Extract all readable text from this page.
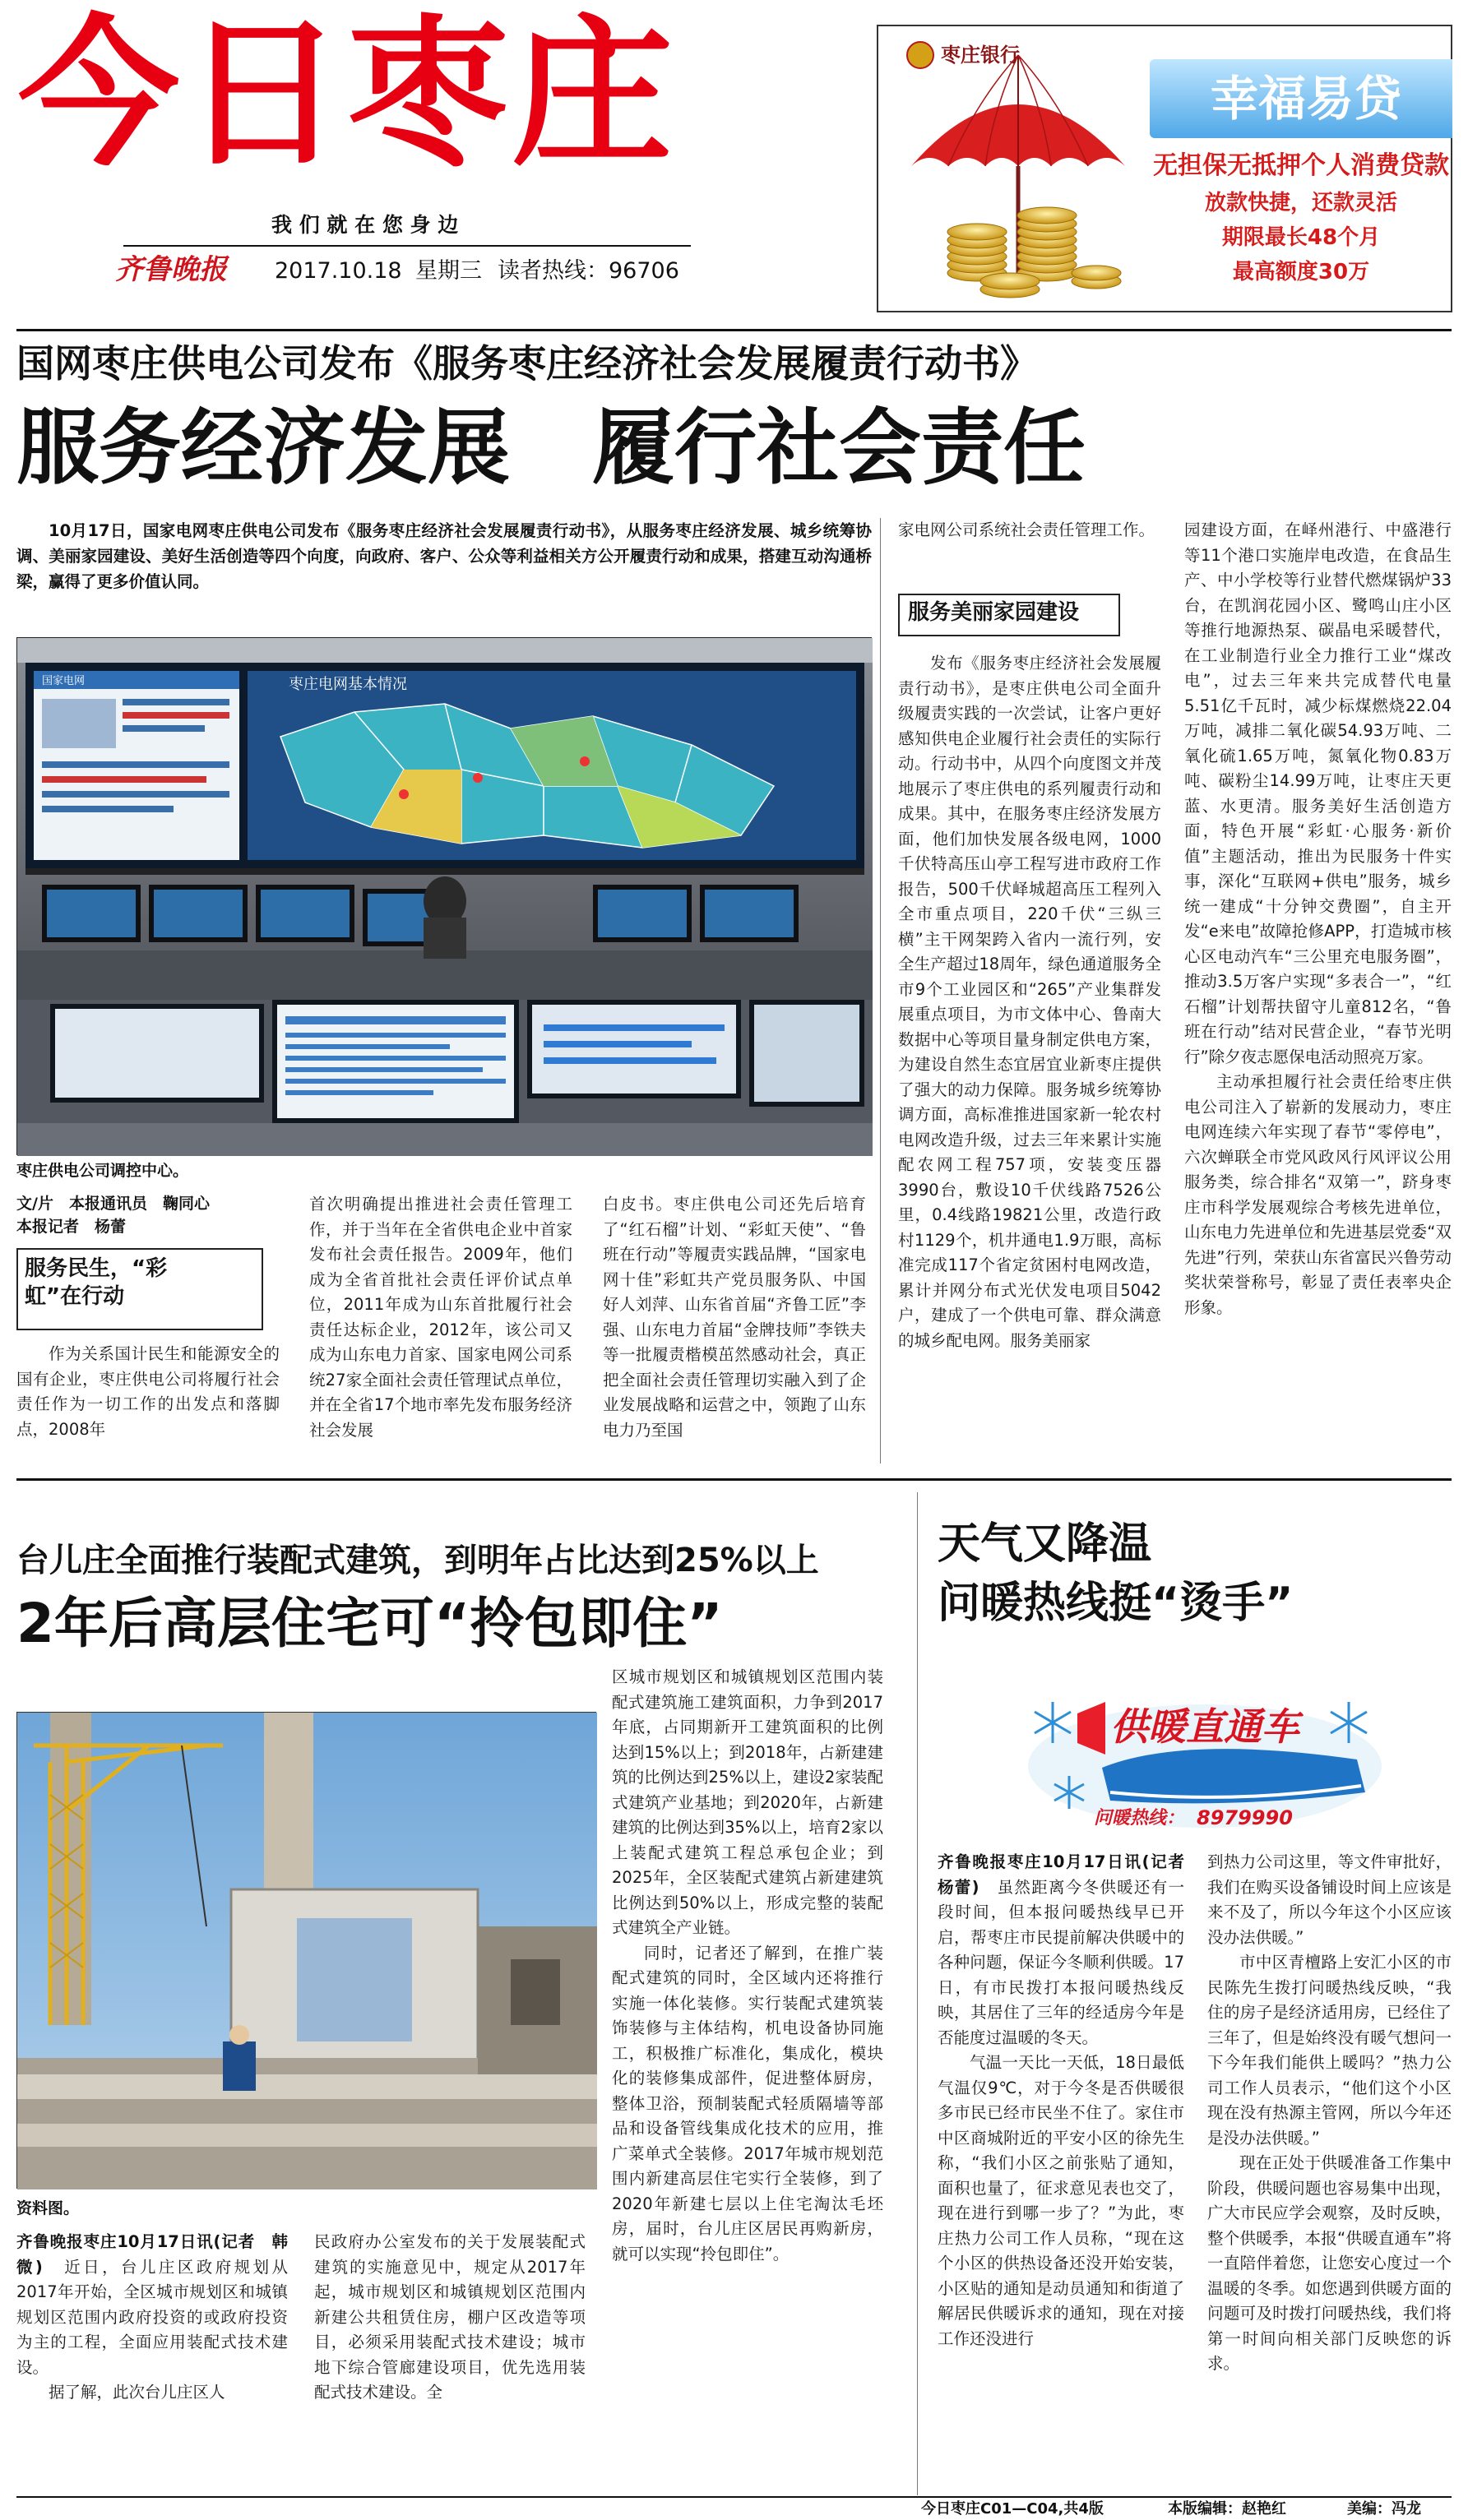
今日枣庄
我 们 就 在 您 身 边
齐鲁晚报 2017.10.18 星期三 读者热线：96706
枣庄银行
幸福易贷
无担保无抵押个人消费贷款
放款快捷，还款灵活
期限最长48个月
最高额度30万
国网枣庄供电公司发布《服务枣庄经济社会发展履责行动书》
服务经济发展　履行社会责任
10月17日，国家电网枣庄供电公司发布《服务枣庄经济社会发展履责行动书》，从服务枣庄经济发展、城乡统筹协调、美丽家园建设、美好生活创造等四个向度，向政府、客户、公众等利益相关方公开履责行动和成果，搭建互动沟通桥梁，赢得了更多价值认同。
国家电网	枣庄电网基本情况
枣庄供电公司调控中心。
文/片　本报通讯员　鞠同心
本报记者　杨蕾
服务民生，“彩虹”在行动

作为关系国计民生和能源安全的国有企业，枣庄供电公司将履行社会责任作为一切工作的出发点和落脚点，2008年

首次明确提出推进社会责任管理工作，并于当年在全省供电企业中首家发布社会责任报告。2009年，他们成为全省首批社会责任评价试点单位，2011年成为山东首批履行社会责任达标企业，2012年，该公司又成为山东电力首家、国家电网公司系统27家全面社会责任管理试点单位，并在全省17个地市率先发布服务经济社会发展

白皮书。枣庄供电公司还先后培育了“红石榴”计划、“彩虹天使”、“鲁班在行动”等履责实践品牌，“国家电网十佳”彩虹共产党员服务队、中国好人刘萍、山东省首届“齐鲁工匠”李强、山东电力首届“金牌技师”李铁夫等一批履责楷模茁然感动社会，真正把全面社会责任管理切实融入到了企业发展战略和运营之中，领跑了山东电力乃至国

家电网公司系统社会责任管理工作。

服务美丽家园建设

发布《服务枣庄经济社会发展履责行动书》，是枣庄供电公司全面升级履责实践的一次尝试，让客户更好感知供电企业履行社会责任的实际行动。行动书中，从四个向度图文并茂地展示了枣庄供电的系列履责行动和成果。其中，在服务枣庄经济发展方面，他们加快发展各级电网，1000千伏特高压山亭工程写进市政府工作报告，500千伏峄城超高压工程列入全市重点项目，220千伏“三纵三横”主干网架跨入省内一流行列，安全生产超过18周年，绿色通道服务全市9个工业园区和“265”产业集群发展重点项目，为市文体中心、鲁南大数据中心等项目量身制定供电方案，为建设自然生态宜居宜业新枣庄提供了强大的动力保障。服务城乡统筹协调方面，高标准推进国家新一轮农村电网改造升级，过去三年来累计实施配农网工程757项，安装变压器3990台，敷设10千伏线路7526公里，0.4线路19821公里，改造行政村1129个，机井通电1.9万眼，高标准完成117个省定贫困村电网改造，累计并网分布式光伏发电项目5042户，建成了一个供电可靠、群众满意的城乡配电网。服务美丽家

园建设方面，在峄州港行、中盛港行等11个港口实施岸电改造，在食品生产、中小学校等行业替代燃煤锅炉33台，在凯润花园小区、鹭鸣山庄小区等推行地源热泵、碳晶电采暖替代，在工业制造行业全力推行工业“煤改电”，过去三年来共完成替代电量5.51亿千瓦时，减少标煤燃烧22.04万吨，减排二氧化碳54.93万吨、二氧化硫1.65万吨，氮氧化物0.83万吨、碳粉尘14.99万吨，让枣庄天更蓝、水更清。服务美好生活创造方面，特色开展“彩虹·心服务·新价值”主题活动，推出为民服务十件实事，深化“互联网+供电”服务，城乡统一建成“十分钟交费圈”，自主开发“e来电”故障抢修APP，打造城市核心区电动汽车“三公里充电服务圈”，推动3.5万客户实现“多表合一”，“红石榴”计划帮扶留守儿童812名，“鲁班在行动”结对民营企业，“春节光明行”除夕夜志愿保电活动照亮万家。

主动承担履行社会责任给枣庄供电公司注入了崭新的发展动力，枣庄电网连续六年实现了春节“零停电”，六次蝉联全市党风政风行风评议公用服务类，综合排名“双第一”，跻身枣庄市科学发展观综合考核先进单位，山东电力先进单位和先进基层党委“双先进”行列，荣获山东省富民兴鲁劳动奖状荣誉称号，彰显了责任表率央企形象。

台儿庄全面推行装配式建筑，到明年占比达到25%以上
2年后高层住宅可“拎包即住”
资料图。

齐鲁晚报枣庄10月17日讯(记者　韩微)　 近日，台儿庄区政府规划从2017年开始，全区城市规划区和城镇规划区范围内政府投资的或政府投资为主的工程，全面应用装配式技术建设。

据了解，此次台儿庄区人

民政府办公室发布的关于发展装配式建筑的实施意见中，规定从2017年起，城市规划区和城镇规划区范围内新建公共租赁住房，棚户区改造等项目，必须采用装配式技术建设；城市地下综合管廊建设项目，优先选用装配式技术建设。全

区城市规划区和城镇规划区范围内装配式建筑施工建筑面积，力争到2017年底，占同期新开工建筑面积的比例达到15%以上；到2018年，占新建建筑的比例达到25%以上，建设2家装配式建筑产业基地；到2020年，占新建建筑的比例达到35%以上，培育2家以上装配式建筑工程总承包企业；到2025年，全区装配式建筑占新建建筑比例达到50%以上，形成完整的装配式建筑全产业链。

同时，记者还了解到，在推广装配式建筑的同时，全区域内还将推行实施一体化装修。实行装配式建筑装饰装修与主体结构，机电设备协同施工，积极推广标准化，集成化，模块化的装修集成部件，促进整体厨房，整体卫浴，预制装配式轻质隔墙等部品和设备管线集成化技术的应用，推广菜单式全装修。2017年城市规划范围内新建高层住宅实行全装修，到了2020年新建七层以上住宅淘汰毛坯房，届时，台儿庄区居民再购新房，就可以实现“拎包即住”。

天气又降温
问暖热线挺“烫手”
供暖直通车
问暖热线： 8979990

齐鲁晚报枣庄10月17日讯(记者　杨蕾)　 虽然距离今冬供暖还有一段时间，但本报问暖热线早已开启，帮枣庄市民提前解决供暖中的各种问题，保证今冬顺利供暖。17日，有市民拨打本报问暖热线反映，其居住了三年的经适房今年是否能度过温暖的冬天。

气温一天比一天低，18日最低气温仅9℃，对于今冬是否供暖很多市民已经市民坐不住了。家住市中区商城附近的平安小区的徐先生称，“我们小区之前张贴了通知，面积也量了，征求意见表也交了，现在进行到哪一步了？”为此，枣庄热力公司工作人员称，“现在这个小区的供热设备还没开始安装，小区贴的通知是动员通知和街道了解居民供暖诉求的通知，现在对接工作还没进行

到热力公司这里，等文件审批好，我们在购买设备铺设时间上应该是来不及了，所以今年这个小区应该没办法供暖。”

市中区青檀路上安汇小区的市民陈先生拨打问暖热线反映，“我住的房子是经济适用房，已经住了三年了，但是始终没有暖气想问一下今年我们能供上暖吗？”热力公司工作人员表示，“他们这个小区现在没有热源主管网，所以今年还是没办法供暖。”

现在正处于供暖准备工作集中阶段，供暖问题也容易集中出现，广大市民应学会观察，及时反映，整个供暖季，本报“供暖直通车”将一直陪伴着您，让您安心度过一个温暖的冬季。如您遇到供暖方面的问题可及时拨打问暖热线，我们将第一时间向相关部门反映您的诉求。

今日枣庄C01—C04,共4版	本版编辑：赵艳红	美编：冯龙
